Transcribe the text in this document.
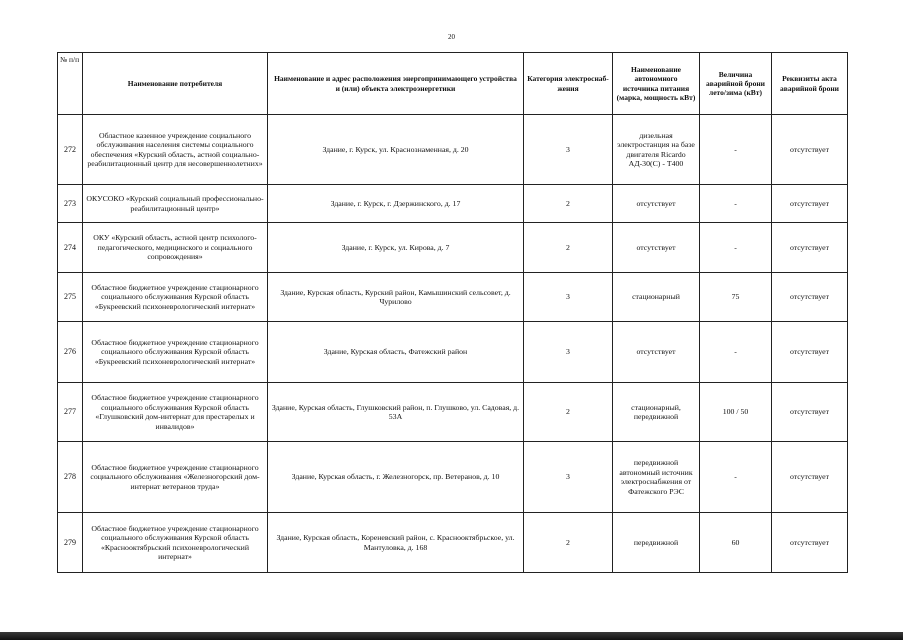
20
№ п/п	Наименование потребителя	Наименование и адрес расположения энергопринимающего устройства и (или) объекта электроэнергетики	Категория электроснаб-жения	Наименование автономного источника питания (марка, мощность кВт)	Величина аварийной брони лето/зима (кВт)	Реквизиты акта аварийной брони
272	Областное казенное учреждение социального обслуживания населения системы социального обеспечения «Курский область, астной социально-реабилитационный центр для несовершеннолетних»	Здание, г. Курск, ул. Краснознаменная, д. 20	3	дизельная электростанция на базе двигателя Ricardo АД-30(С) - Т400	-	отсутствует
273	ОКУСОКО «Курский социальный профессионально-реабилитационный центр»	Здание, г. Курск, г. Дзержинского, д. 17	2	отсутствует	-	отсутствует
274	ОКУ «Курский область, астной центр психолого- педагогического, медицинского и социального сопровождения»	Здание, г. Курск, ул. Кирова, д. 7	2	отсутствует	-	отсутствует
275	Областное бюджетное учреждение стационарного социального обслуживания Курской область «Букреевский психоневрологический интернат»	Здание, Курская область, Курский район, Камышинский сельсовет, д. Чурилово	3	стационарный	75	отсутствует
276	Областное бюджетное учреждение стационарного социального обслуживания Курской область «Букреевский психоневрологический интернат»	Здание, Курская область, Фатежский район	3	отсутствует	-	отсутствует
277	Областное бюджетное учреждение стационарного социального обслуживания Курской область «Глушковский дом-интернат для престарелых и инвалидов»	Здание, Курская область, Глушковский район, п. Глушково, ул. Садовая, д. 53А	2	стационарный, передвижной	100 / 50	отсутствует
278	Областное бюджетное учреждение стационарного социального обслуживания «Железногорский дом-интернат ветеранов труда»	Здание, Курская область, г. Железногорск, пр. Ветеранов, д. 10	3	передвижной автономный источник электроснабжения от Фатежского РЭС	-	отсутствует
279	Областное бюджетное учреждение стационарного социального обслуживания Курской область «Краснооктябрьский психоневрологический интернат»	Здание, Курская область, Кореневский район, с. Краснооктябрьское, ул. Мантуловка, д. 168	2	передвижной	60	отсутствует
